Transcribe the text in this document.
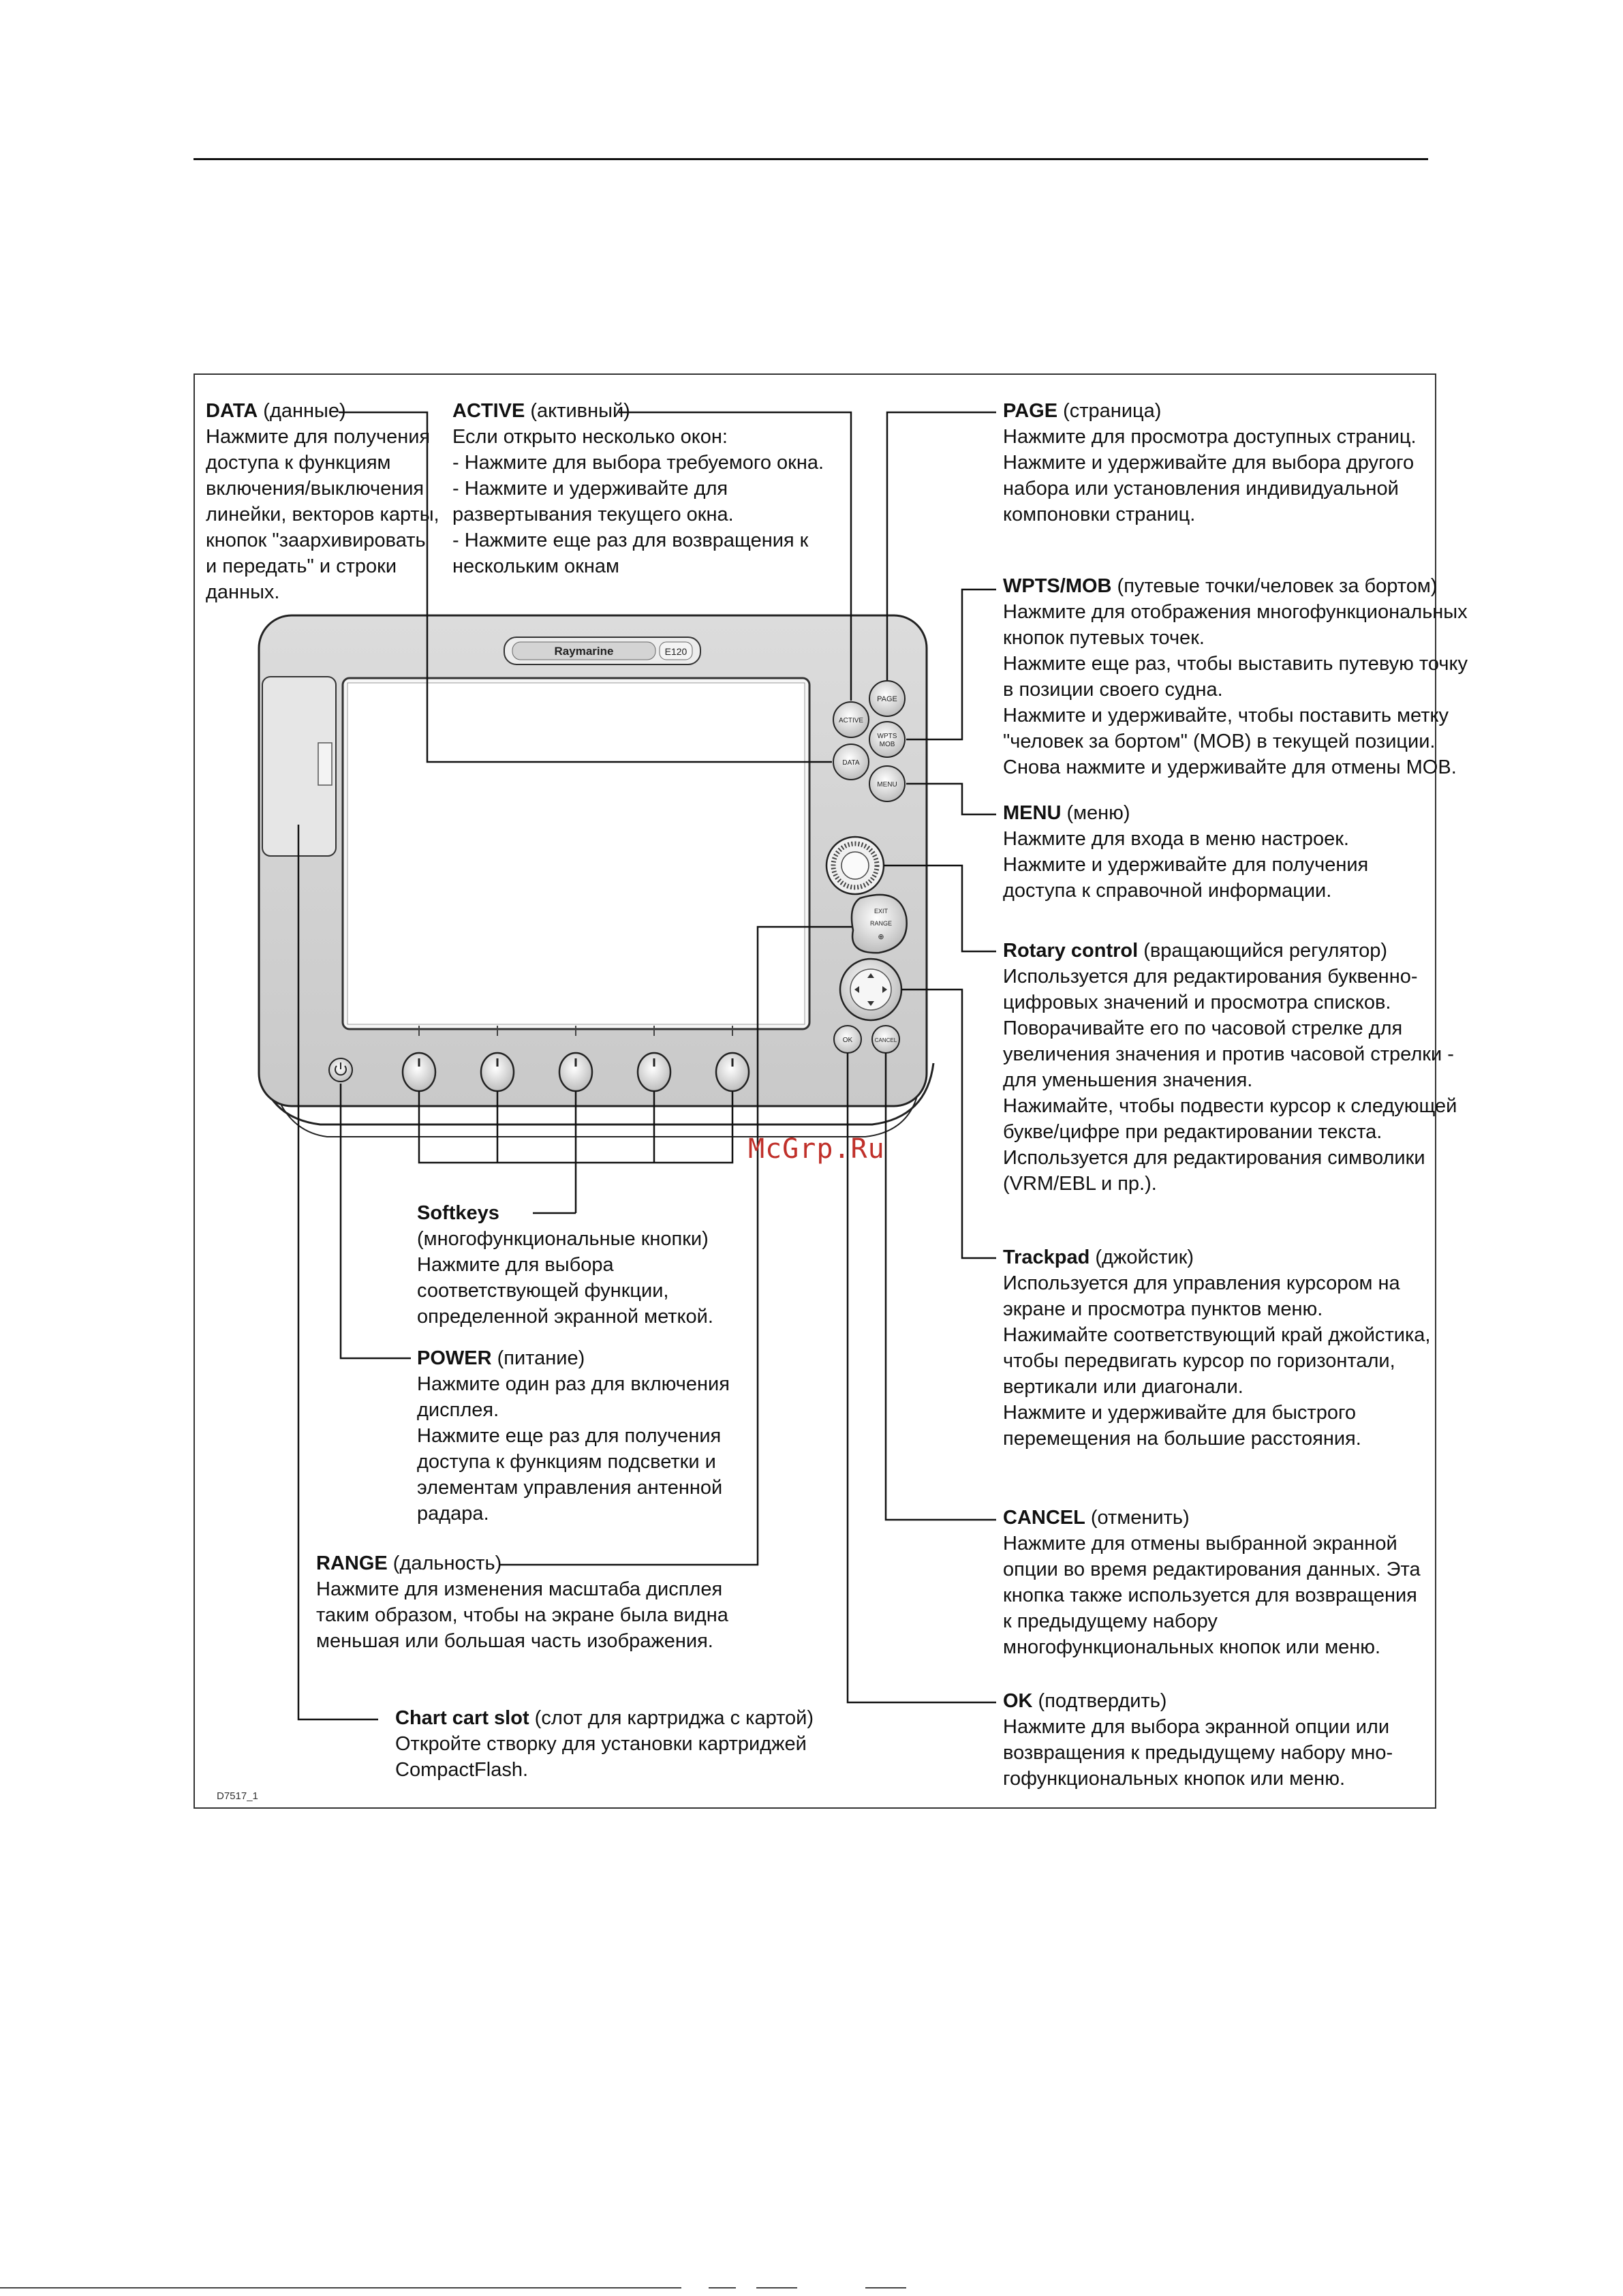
Raymarine	E120
PAGE
ACTIVE
WPTS
MOB
DATA
MENU
EXIT
RANGE
⊕
OK	CANCEL

DATA (данные)

Нажмите для получения

доступа к функциям

включения/выключения

линейки, векторов карты,

кнопок "заархивировать

и передать" и строки

данных.

ACTIVE (активный)

Если открыто несколько окон:

- Нажмите для выбора требуемого окна.

- Нажмите и удерживайте для

развертывания текущего окна.

- Нажмите еще раз для возвращения к

нескольким окнам

PAGE (страница)

Нажмите для просмотра доступных страниц.

Нажмите и удерживайте для выбора другого

набора или установления индивидуальной

компоновки страниц.

WPTS/MOB (путевые точки/человек за бортом)

Нажмите для отображения многофункциональных

кнопок путевых точек.

Нажмите еще раз, чтобы выставить путевую точку

в позиции своего судна.

Нажмите и удерживайте, чтобы поставить метку

"человек за бортом" (МОВ) в текущей позиции.

Снова нажмите и удерживайте для отмены МОВ.

MENU (меню)

Нажмите для входа в меню настроек.

Нажмите и удерживайте для получения

доступа к справочной информации.

Rotary control (вращающийся регулятор)

Используется для редактирования буквенно-

цифровых значений и просмотра списков.

Поворачивайте его по часовой стрелке для

увеличения значения и против часовой стрелки -

для уменьшения значения.

Нажимайте, чтобы подвести курсор к следующей

букве/цифре при редактировании текста.

Используется для редактирования символики

(VRM/EBL и пр.).

Trackpad (джойстик)

Используется для управления курсором на

экране и просмотра пунктов меню.

Нажимайте соответствующий край джойстика,

чтобы передвигать курсор по горизонтали,

вертикали или диагонали.

Нажмите и удерживайте для быстрого

перемещения на большие расстояния.

CANCEL (отменить)

Нажмите для отмены выбранной экранной

опции во время редактирования данных. Эта

кнопка также используется для возвращения

к предыдущему набору

многофункциональных кнопок или меню.

OK (подтвердить)

Нажмите для выбора экранной опции или

возвращения к предыдущему набору мно-

гофункциональных кнопок или меню.

Softkeys

(многофункциональные кнопки)

Нажмите для выбора

соответствующей функции,

определенной экранной меткой.

POWER (питание)

Нажмите один раз для включения

дисплея.

Нажмите еще раз для получения

доступа к функциям подсветки и

элементам управления антенной

радара.

RANGE (дальность)

Нажмите для изменения масштаба дисплея

таким образом, чтобы на экране была видна

меньшая или большая часть изображения.

Chart cart slot (слот для картриджа с картой)

Откройте створку для установки картриджей

CompactFlash.

D7517_1
McGrp.Ru
